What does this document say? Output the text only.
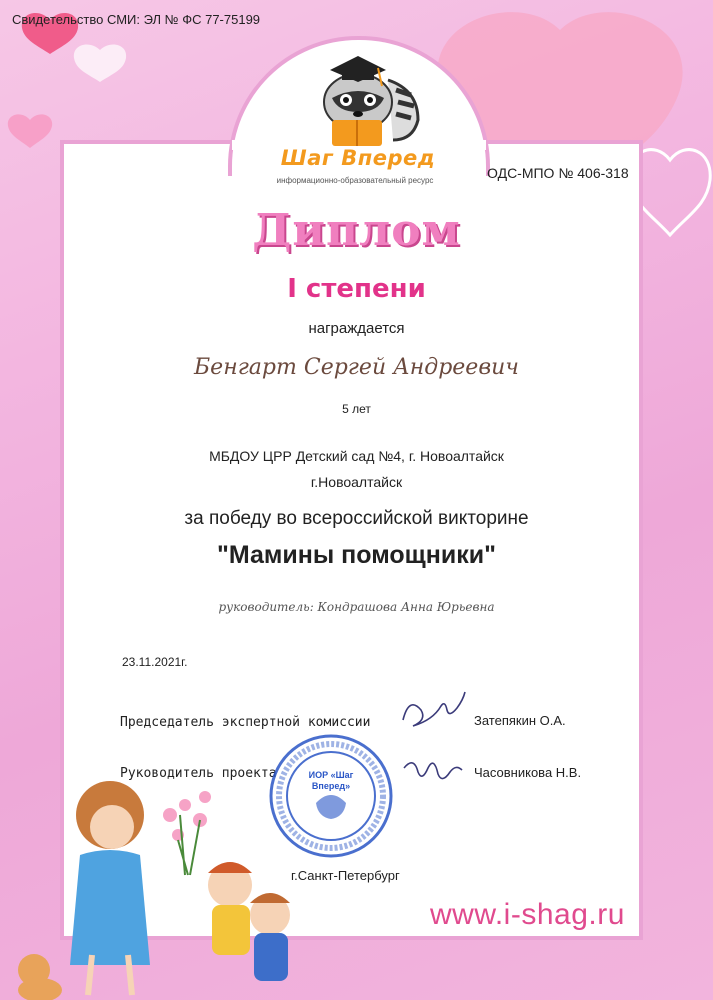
Свидетельство СМИ: ЭЛ № ФС 77-75199
Шаг Вперед
информационно-образовательный ресурс	ОДС-МПО № 406-318
Диплом
I степени
награждается
Бенгарт Сергей Андреевич
5 лет
МБДОУ ЦРР Детский сад №4, г. Новоалтайск
г.Новоалтайск
за победу во всероссийской викторине
"Мамины помощники"
руководитель: Кондрашова Анна Юрьевна
23.11.2021г.
Председатель экспертной комиссии	Затепякин О.А.
Руководитель проекта	Часовникова Н.В.
ИОР «Шаг Вперед»
г.Санкт-Петербург
www.i-shag.ru
